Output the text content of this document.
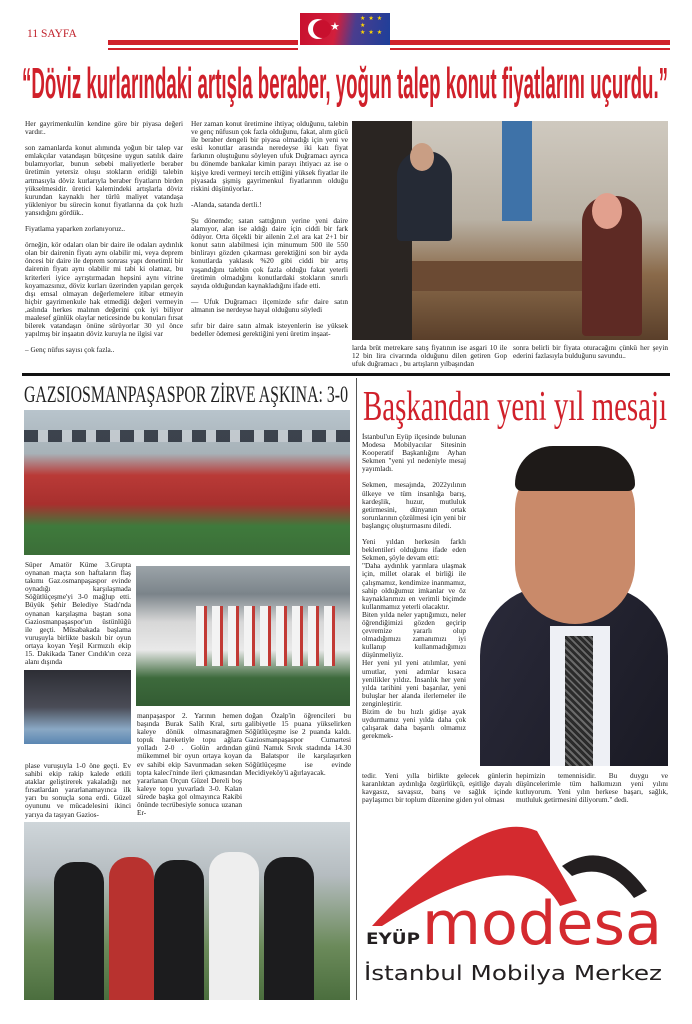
11 SAYFA
★
★★★ ★ ★★★
“Döviz kurlarındaki artışla beraber, yoğun talep konut fiyatlarını uçurdu.”

Her gayrimenkulün kendine göre bir piyasa değeri vardır..

son zamanlarda konut alımında yoğun bir talep var emlakçılar vatandaşın bütçesine uygun satılık daire bulamıyorlar, bunun sebebi maliyetlerle beraber üretimin yetersiz oluşu stokların eridiği talebin artmasıyla döviz kurlarıyla beraber fiyatların birden yükselmesidir. üretici kalemindeki artışlarla döviz kurundan kaynaklı her türlü maliyet vatandaşa yükleniyor bu sürecin konut fiyatlarına da çok hızlı yansıdığını gördük..

Fiyatlama yaparken zorlanıyoruz..

örneğin, kör odaları olan bir daire ile odaları aydınlık olan bir dairenin fiyatı aynı olabilir mi, veya deprem öncesi bir daire ile deprem sonrası yapı denetimli bir dairenin fiyatı aynı olabilir mi tabi ki olamaz, bu kriterleri iyice ayrıştırmadan hepsini aynı vitrine koyamazsınız, döviz kurları üzerinden yapılan gerçek dışı emsal olmayan değerlemelere itibar etmeyin hiçbir gayrimenkule hak etmediği değeri vermeyin ,aslında herkes malının değerini çok iyi biliyor maalesef günlük olaylar neticesinde bu konuları fırsat bilerek vatandaşın önüne sürüyorlar 30 yıl önce yapılmış bir inşaatın döviz kuruyla ne ilgisi var

– Genç nüfus sayısı çok fazla..

Her zaman konut üretimine ihtiyaç olduğunu, talebin ve genç nüfusun çok fazla olduğunu, fakat, alım gücü ile beraber dengeli bir piyasa olmadığı için yeni ve eski konutlar arasında neredeyse iki katı fiyat farkının oluştuğunu söyleyen ufuk Duğramacı ayrıca bu dönemde bankalar kimin parayı ihtiyacı az ise o kişiye kredi vermeyi tercih ettiğini yüksek fiyatlar ile piyasada şişmiş gayrimenkul fiyatlarının olduğu riskini düşünüyorlar..

-Alanda, satanda dertli.!

Şu dönemde; satan sattığının yerine yeni daire alamıyor, alan ise aldığı daire için ciddi bir fark ödüyor. Orta ölçekli bir ailenin 2.el ara kat 2+1 bir konut satın alabilmesi için minumum 500 ile 550 binlirayı gözden çıkarması gerektiğini son bir ayda konutlarda yaklasık %20 gibi ciddi bir artış yaşandığını talebin çok fazla olduğu fakat yeterli üretimin olmadığını konutlardaki stokların sınırlı sayıda olduğundan kaynakladığını ifade etti.

— Ufuk Duğramacı ilçemizde sıfır daire satın almanın ise nerdeyse hayal olduğunu söyledi

sıfır bir daire satın almak isteyenlerin ise yüksek bedeller ödemesi gerektiğini yeni üretim inşaat-

larda brüt metrekare satış fiyatının ise asgari 10 ile 12 bin lira civarında olduğunu dilen getiren Gop ufuk duğramacı , bu artışların yılbaşından
sonra belirli bir fiyata oturacağını çünkü her şeyin ederini fazlasıyla bulduğunu savundu..
GAZSIOSMANPAŞASPOR ZİRVE AŞKINA: 3-0
Süper Amatör Küme 3.Grupta oynanan maçta son haftaların flaş takımı Gaz.osmanpaşaspor evinde oynadığı karşılaşmada Söğütlüçeşme'yi 3-0 mağlup etti. Büyük Şehir Belediye Stadı'nda oynanan karşılaşma baştan sona Gaziosmanpaşaspor'un üstünlüğü ile geçti. Müsabakada başlama vuruşuyla birlikte baskılı bir oyun ortaya koyan Yeşil Kırmızılı ekip 15. Dakikada Taner Cındık'ın ceza alanı dışında
plase vuruşuyla 1-0 öne geçti. Ev sahibi ekip rakip kalede etkili ataklar geliştirerek yakaladığı net fırsatlardan yararlanamayınca ilk yarı bu sonuçla sona erdi. Güzel oyununu ve mücadelesini ikinci yarıya da taşıyan Gazios-
manpaşaspor 2. Yarının hemen başında Burak Salih Kral, sırtı kaleye dönük olmasınarağmen topuk hareketiyle topu ağlara yolladı 2-0 . Golün ardından mükemmel bir oyun ortaya koyan ev sahibi ekip Savunmadan seken topta kaleci'ninde ileri çıkmasından yararlanan Orçun Güzel Dereli boş kaleye topu yuvarladı 3-0. Kalan sürede başka gol olmayınca Rakibi önünde tecrübesiyle sonuca uzanan Er-
doğan Özalp'in öğrencileri bu galibiyetle 15 puana yükselirken Söğütlüçeşme ise 2 puanda kaldı. Gaziosmanpaşaspor Cumartesi günü Namık Sıvık stadında 14.30 da Balatspor ile karşılaşırken Söğütlüçeşme ise evinde Mecidiyeköy'ü ağırlayacak.
Başkandan yeni yıl mesajı

İstanbul'un Eyüp ilçesinde bulunan Modesa Mobilyacılar Sitesinin Kooperatif Başkanlığını Ayhan Sekmen "yeni yıl nedeniyle mesaj yayımladı.

Sekmen, mesajında, 2022yılının ülkeye ve tüm insanlığa barış, kardeşlik, huzur, mutluluk getirmesini, dünyanın ortak sorunlarının çözülmesi için yeni bir başlangıç oluşturmasını diledi.

Yeni yıldan herkesin farklı beklentileri olduğunu ifade eden Sekmen, şöyle devam etti:

"Daha aydınlık yarınlara ulaşmak için, millet olarak el birliği ile çalışmamız, kendimize inanmamız, sahip olduğumuz imkanlar ve öz kaynaklarımızı en verimli biçimde kullanmamız yeterli olacaktır.

Biten yılda neler yaptığımızı, neler öğrendiğimizi gözden geçirip çevremize yararlı olup olmadığımızı zamanımızı iyi kullanıp kullanmadığımızı düşünmeliyiz.

Her yeni yıl yeni atılımlar, yeni umutlar, yeni adımlar kısaca yenilikler yıldız. İnsanlık her yeni yılda tarihini yeni başarılar, yeni buluşlar her alanda ilerlemeler ile zenginleştirir.

Bizim de bu hızlı gidişe ayak uydurmamız yeni yılda daha çok çalışarak daha başarılı olmamız gerekmek-

tedir. Yeni yılla birlikte gelecek günlerin karanlıktan aydınlığa özgürlükçü, eşitliğe dayalı kavgasız, savaşsız, barış ve sağlık içinde paylaşımcı bir toplum düzenine giden yol olması
hepimizin temennisidir. Bu duygu ve düşüncelerimle tüm halkımızın yeni yılını kutluyorum. Yeni yılın herkese başarı, sağlık, mutluluk getirmesini diliyorum." dedi.
EYÜP modesa
İstanbul Mobilya Merkez
